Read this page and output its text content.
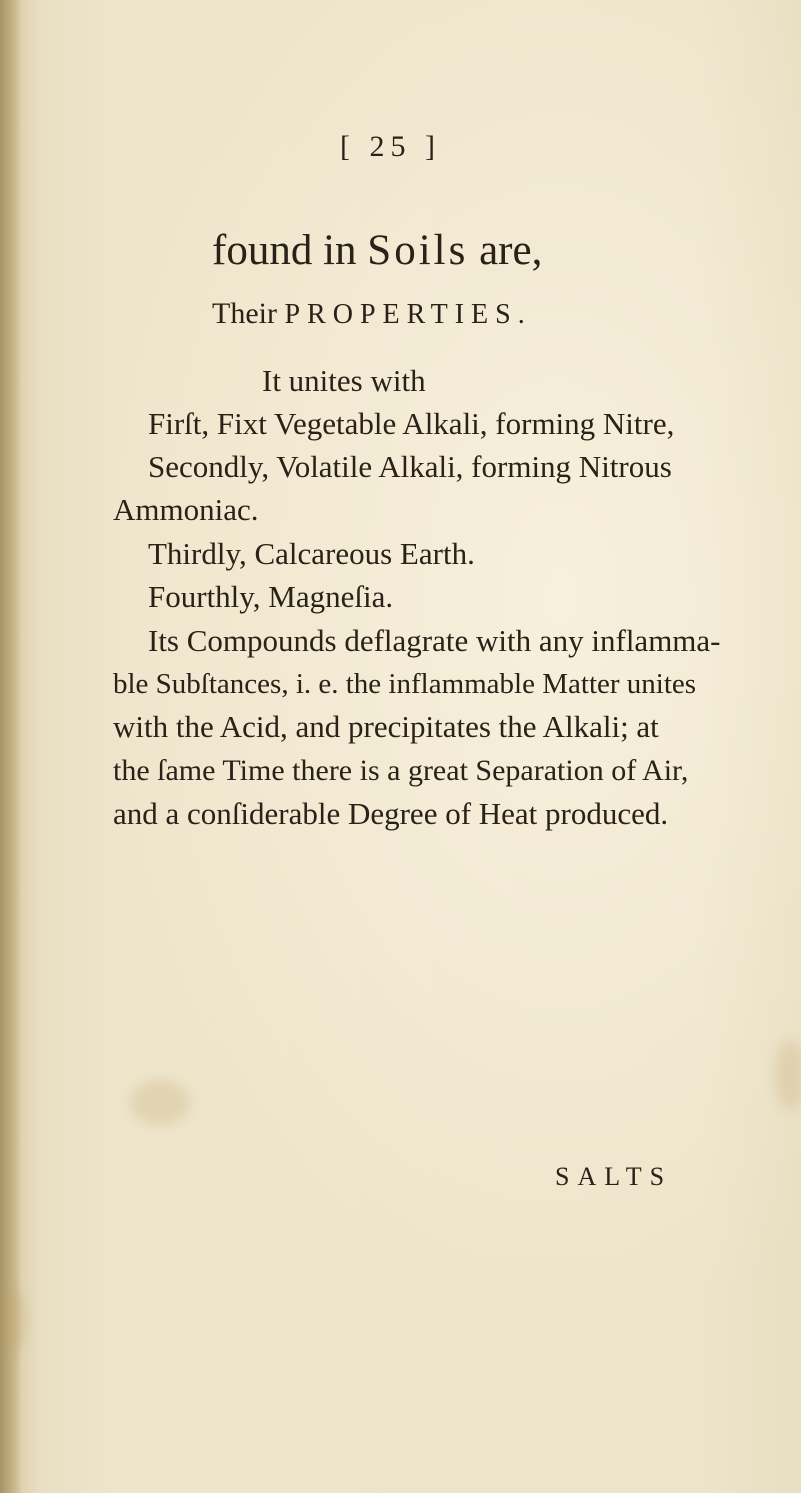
[ 25 ]
found in Soils are,
Their PROPERTIES.
It unites with
Firſt, Fixt Vegetable Alkali, forming Nitre,
Secondly, Volatile Alkali, forming Nitrous
Ammoniac.
Thirdly, Calcareous Earth.
Fourthly, Magneſia.
Its Compounds deflagrate with any inflamma-
ble Subſtances, i. e. the inflammable Matter unites
with the Acid, and precipitates the Alkali; at
the ſame Time there is a great Separation of Air,
and a conſiderable Degree of Heat produced.
SALTS
